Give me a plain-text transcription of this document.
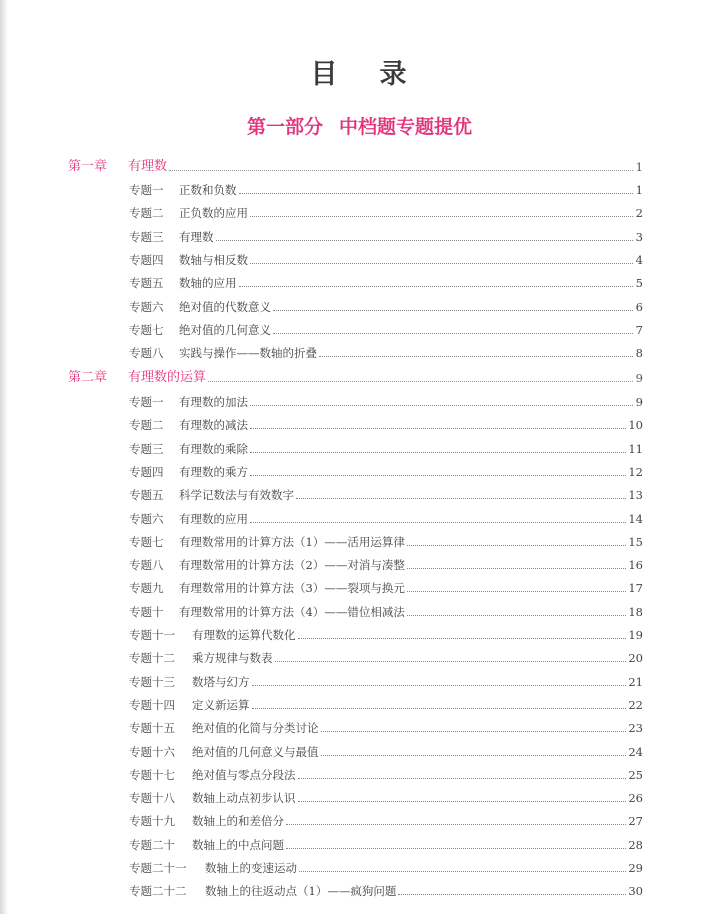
目 录
第一部分 中档题专题提优
第一章	有理数	1
专题一	正数和负数	1
专题二	正负数的应用	2
专题三	有理数	3
专题四	数轴与相反数	4
专题五	数轴的应用	5
专题六	绝对值的代数意义	6
专题七	绝对值的几何意义	7
专题八	实践与操作——数轴的折叠	8
第二章	有理数的运算	9
专题一	有理数的加法	9
专题二	有理数的减法	10
专题三	有理数的乘除	11
专题四	有理数的乘方	12
专题五	科学记数法与有效数字	13
专题六	有理数的应用	14
专题七	有理数常用的计算方法（1）——活用运算律	15
专题八	有理数常用的计算方法（2）——对消与凑整	16
专题九	有理数常用的计算方法（3）——裂项与换元	17
专题十	有理数常用的计算方法（4）——错位相减法	18
专题十一	有理数的运算代数化	19
专题十二	乘方规律与数表	20
专题十三	数塔与幻方	21
专题十四	定义新运算	22
专题十五	绝对值的化简与分类讨论	23
专题十六	绝对值的几何意义与最值	24
专题十七	绝对值与零点分段法	25
专题十八	数轴上动点初步认识	26
专题十九	数轴上的和差倍分	27
专题二十	数轴上的中点问题	28
专题二十一	数轴上的变速运动	29
专题二十二	数轴上的往返动点（1）——疯狗问题	30
